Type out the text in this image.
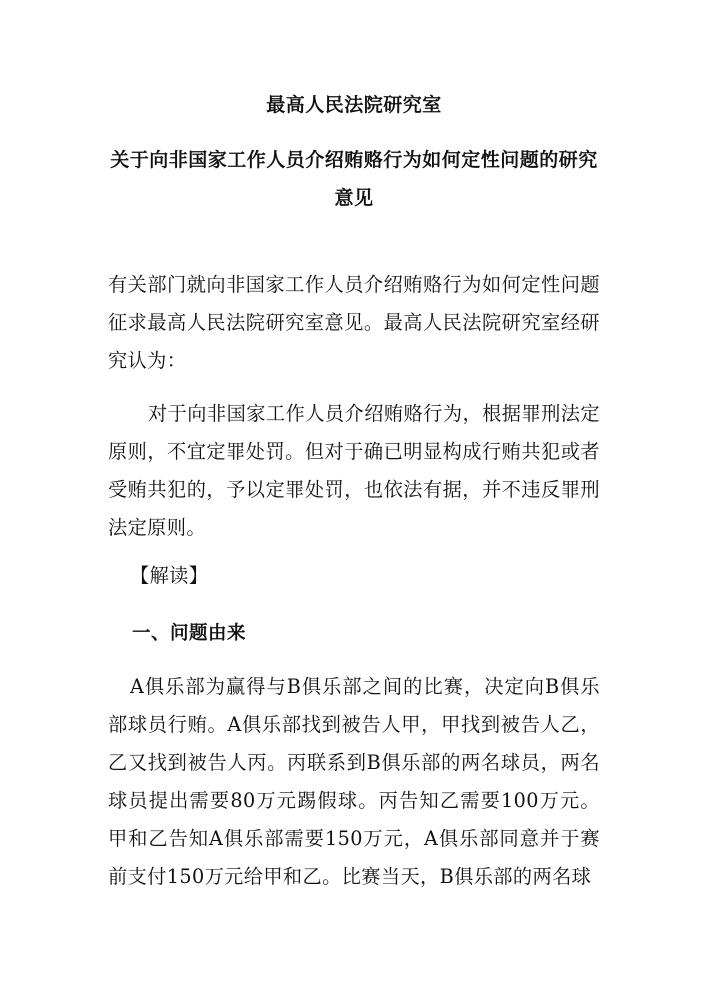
最高人民法院研究室
关于向非国家工作人员介绍贿赂行为如何定性问题的研究意见

有关部门就向非国家工作人员介绍贿赂行为如何定性问题征求最高人民法院研究室意见。最高人民法院研究室经研究认为：

对于向非国家工作人员介绍贿赂行为，根据罪刑法定原则，不宜定罪处罚。但对于确已明显构成行贿共犯或者受贿共犯的，予以定罪处罚，也依法有据，并不违反罪刑法定原则。

【解读】

一、问题由来

A俱乐部为赢得与B俱乐部之间的比赛，决定向B俱乐部球员行贿。A俱乐部找到被告人甲，甲找到被告人乙，乙又找到被告人丙。丙联系到B俱乐部的两名球员，两名球员提出需要80万元踢假球。丙告知乙需要100万元。甲和乙告知A俱乐部需要150万元，A俱乐部同意并于赛前支付150万元给甲和乙。比赛当天，B俱乐部的两名球
